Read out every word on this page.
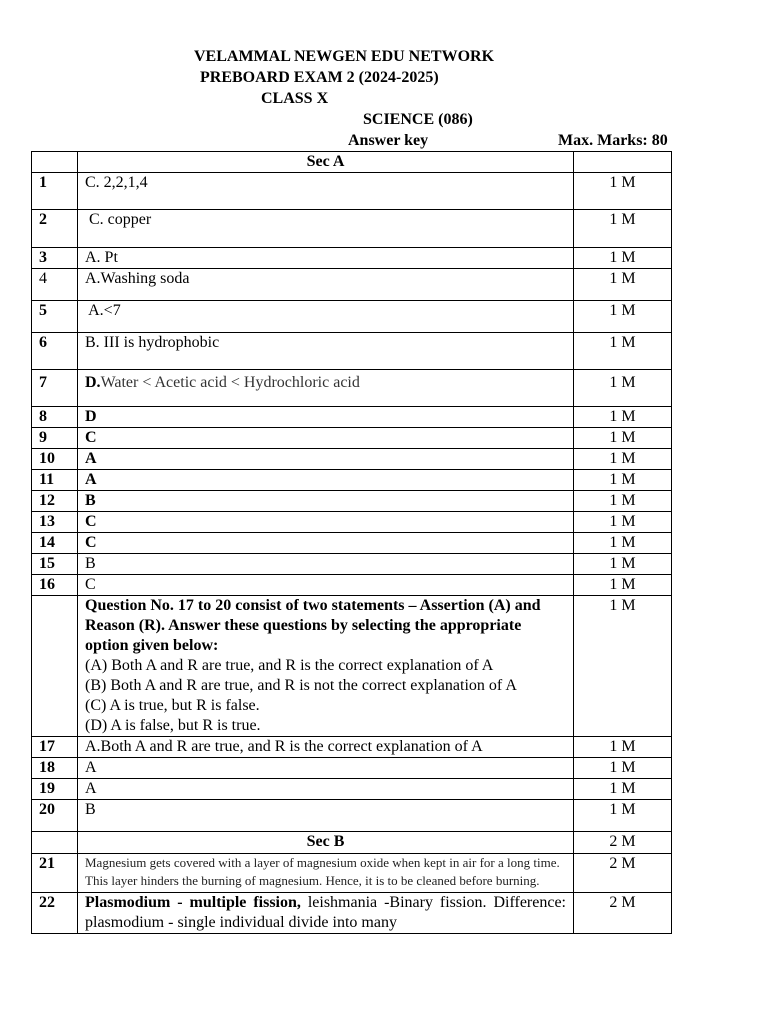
VELAMMAL NEWGEN EDU NETWORK
PREBOARD EXAM 2 (2024-2025)
CLASS X
SCIENCE (086)
Answer key	Max. Marks: 80
	Sec A	
1	C. 2,2,1,4	1 M
2	C. copper	1 M
3	A. Pt	1 M
4	A.Washing soda	1 M
5	A.<7	1 M
6	B. III is hydrophobic	1 M
7	D.Water < Acetic acid < Hydrochloric acid	1 M
8	D	1 M
9	C	1 M
10	A	1 M
11	A	1 M
12	B	1 M
13	C	1 M
14	C	1 M
15	B	1 M
16	C	1 M

	Question No. 17 to 20 consist of two statements – Assertion (A) and Reason (R). Answer these questions by selecting the appropriate option given below:
(A) Both A and R are true, and R is the correct explanation of A
(B) Both A and R are true, and R is not the correct explanation of A
(C) A is true, but R is false.
(D) A is false, but R is true.	1 M
17	A.Both A and R are true, and R is the correct explanation of A	1 M
18	A	1 M
19	A	1 M
20	B	1 M
	Sec B	2 M
21	Magnesium gets covered with a layer of magnesium oxide when kept in air for a long time. This layer hinders the burning of magnesium. Hence, it is to be cleaned before burning.	2 M
22	Plasmodium - multiple fission, leishmania -Binary fission. Difference: plasmodium - single individual divide into many	2 M
